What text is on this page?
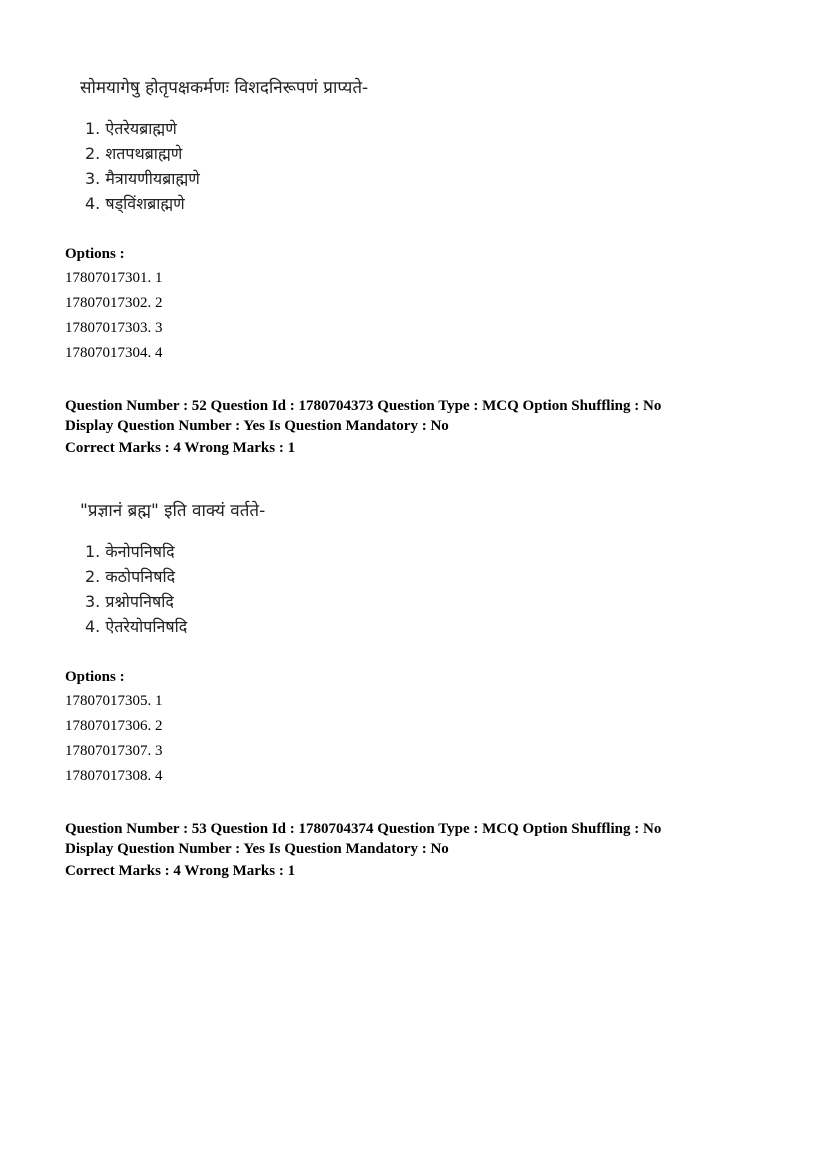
सोमयागेषु होतृपक्षकर्मणः विशदनिरूपणं प्राप्यते-
1. ऐतरेयब्राह्मणे
2. शतपथब्राह्मणे
3. मैत्रायणीयब्राह्मणे
4. षड्विंशब्राह्मणे
Options :
17807017301. 1
17807017302. 2
17807017303. 3
17807017304. 4
Question Number : 52 Question Id : 1780704373 Question Type : MCQ Option Shuffling : No
Display Question Number : Yes Is Question Mandatory : No
Correct Marks : 4 Wrong Marks : 1
"प्रज्ञानं ब्रह्म" इति वाक्यं वर्तते-
1. केनोपनिषदि
2. कठोपनिषदि
3. प्रश्नोपनिषदि
4. ऐतरेयोपनिषदि
Options :
17807017305. 1
17807017306. 2
17807017307. 3
17807017308. 4
Question Number : 53 Question Id : 1780704374 Question Type : MCQ Option Shuffling : No
Display Question Number : Yes Is Question Mandatory : No
Correct Marks : 4 Wrong Marks : 1
